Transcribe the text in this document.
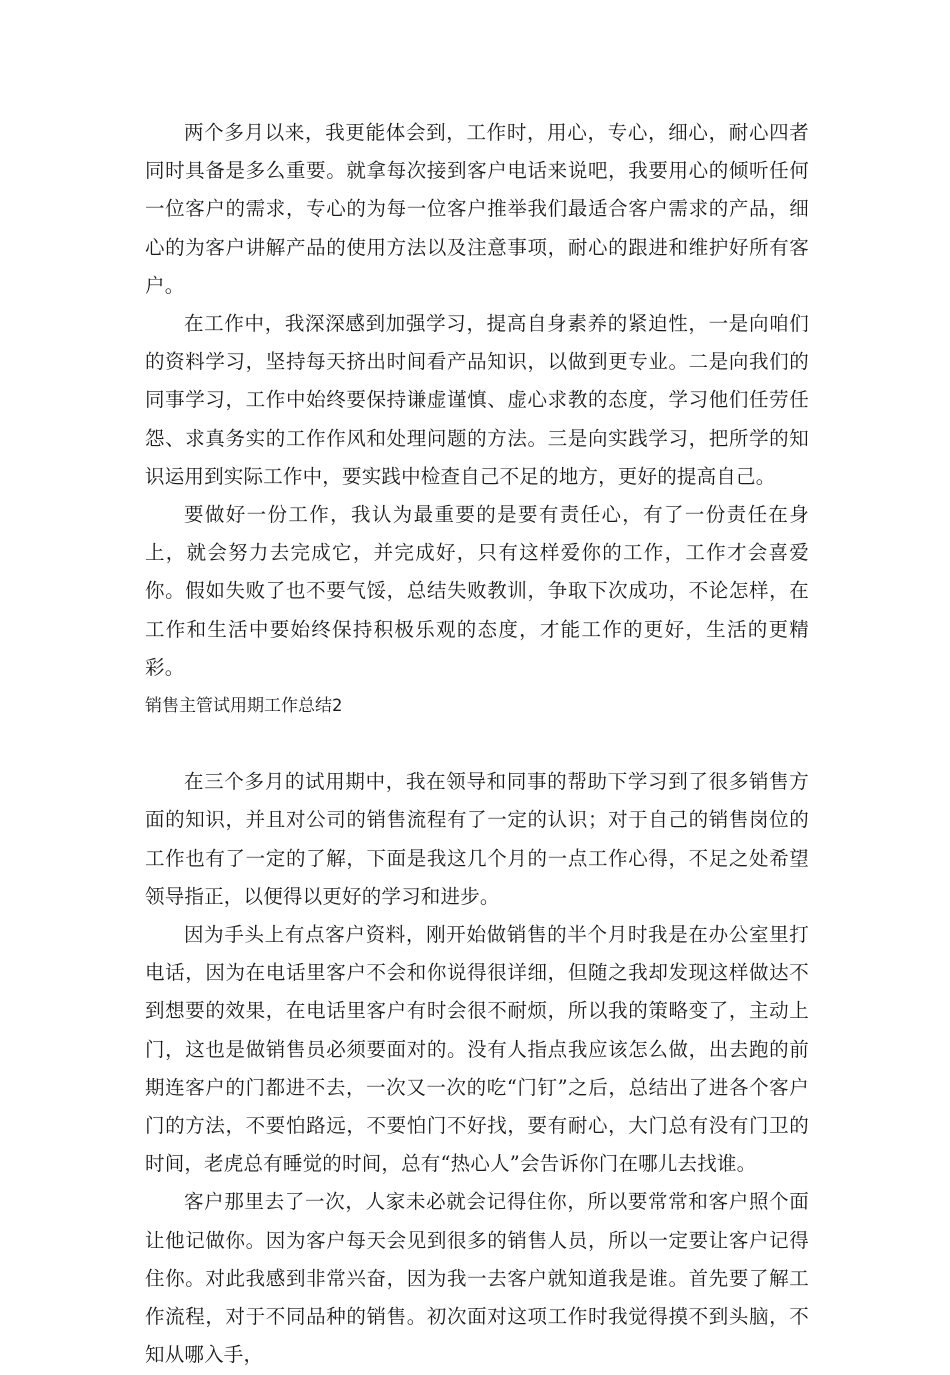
两个多月以来，我更能体会到，工作时，用心，专心，细心，耐心四者同时具备是多么重要。就拿每次接到客户电话来说吧，我要用心的倾听任何一位客户的需求，专心的为每一位客户推举我们最适合客户需求的产品，细心的为客户讲解产品的使用方法以及注意事项，耐心的跟进和维护好所有客户。

在工作中，我深深感到加强学习，提高自身素养的紧迫性，一是向咱们的资料学习，坚持每天挤出时间看产品知识，以做到更专业。二是向我们的同事学习，工作中始终要保持谦虚谨慎、虚心求教的态度，学习他们任劳任怨、求真务实的工作作风和处理问题的方法。三是向实践学习，把所学的知识运用到实际工作中，要实践中检查自己不足的地方，更好的提高自己。

要做好一份工作，我认为最重要的是要有责任心，有了一份责任在身上，就会努力去完成它，并完成好，只有这样爱你的工作，工作才会喜爱你。假如失败了也不要气馁，总结失败教训，争取下次成功，不论怎样，在工作和生活中要始终保持积极乐观的态度，才能工作的更好，生活的更精彩。

销售主管试用期工作总结2

在三个多月的试用期中，我在领导和同事的帮助下学习到了很多销售方面的知识，并且对公司的销售流程有了一定的认识；对于自己的销售岗位的工作也有了一定的了解，下面是我这几个月的一点工作心得，不足之处希望领导指正，以便得以更好的学习和进步。

因为手头上有点客户资料，刚开始做销售的半个月时我是在办公室里打电话，因为在电话里客户不会和你说得很详细，但随之我却发现这样做达不到想要的效果，在电话里客户有时会很不耐烦，所以我的策略变了，主动上门，这也是做销售员必须要面对的。没有人指点我应该怎么做，出去跑的前期连客户的门都进不去，一次又一次的吃“门钉”之后，总结出了进各个客户门的方法，不要怕路远，不要怕门不好找，要有耐心，大门总有没有门卫的时间，老虎总有睡觉的时间，总有“热心人”会告诉你门在哪儿去找谁。

客户那里去了一次，人家未必就会记得住你，所以要常常和客户照个面让他记做你。因为客户每天会见到很多的销售人员，所以一定要让客户记得住你。对此我感到非常兴奋，因为我一去客户就知道我是谁。首先要了解工作流程，对于不同品种的销售。初次面对这项工作时我觉得摸不到头脑，不知从哪入手，
